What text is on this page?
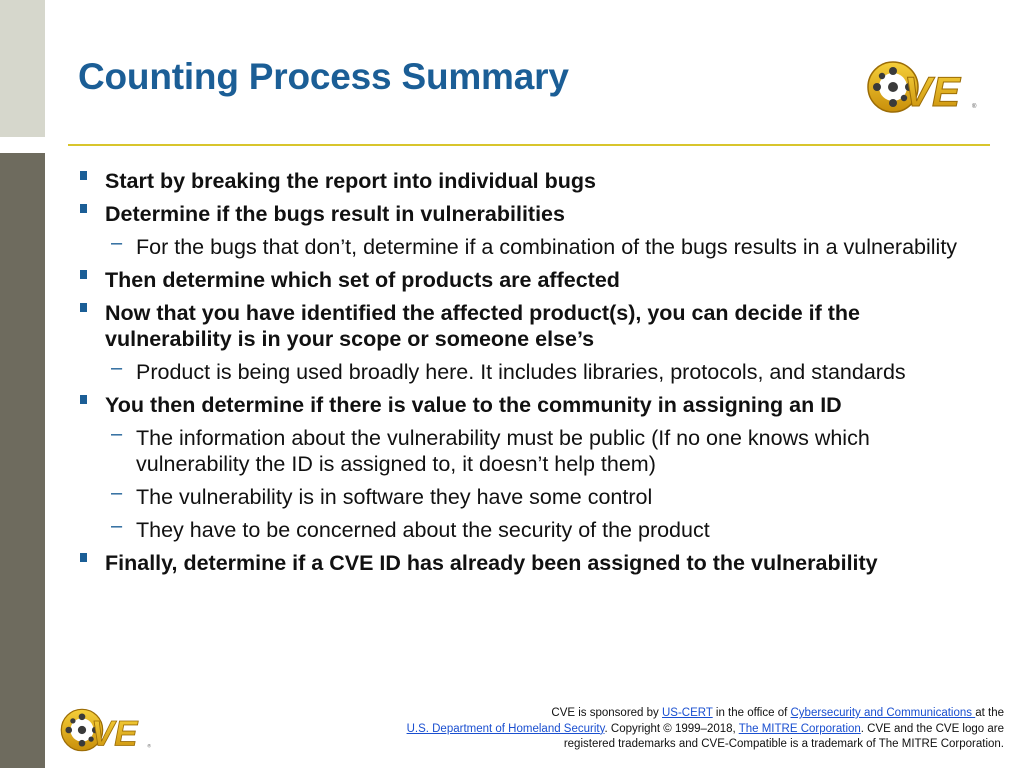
Counting Process Summary	VE	®
Start by breaking the report into individual bugs
Determine if the bugs result in vulnerabilities
– For the bugs that don’t, determine if a combination of the bugs results in a vulnerability
Then determine which set of products are affected
Now that you have identified the affected product(s), you can decide if the vulnerability is in your scope or someone else’s
– Product is being used broadly here. It includes libraries, protocols, and standards
You then determine if there is value to the community in assigning an ID
– The information about the vulnerability must be public (If no one knows which vulnerability the ID is assigned to, it doesn’t help them)
– The vulnerability is in software they have some control
– They have to be concerned about the security of the product
Finally, determine if a CVE ID has already been assigned to the vulnerability
VE	®
CVE is sponsored by US-CERT in the office of Cybersecurity and Communications at the
U.S. Department of Homeland Security. Copyright © 1999–2018, The MITRE Corporation. CVE and the CVE logo are registered trademarks and CVE-Compatible is a trademark of The MITRE Corporation.
